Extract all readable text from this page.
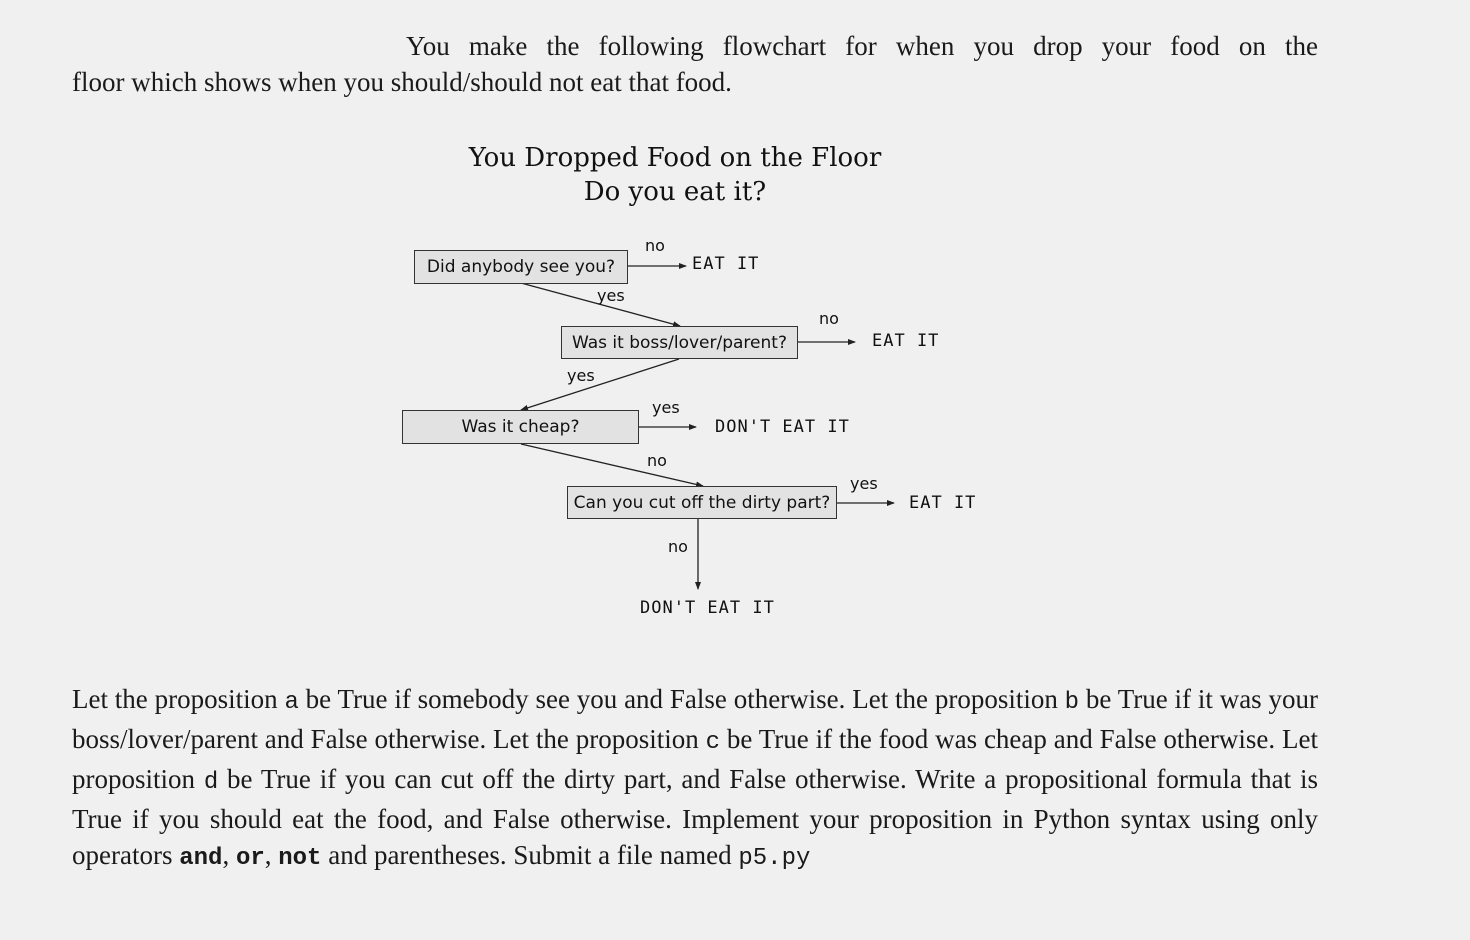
You make the following flowchart for when you drop your food on the
floor which shows when you should/should not eat that food.
You Dropped Food on the Floor
Do you eat it?
Did anybody see you?
Was it boss/lover/parent?
Was it cheap?
Can you cut off the dirty part?
no
yes
no
yes
yes
no
yes
no
EAT IT
EAT IT
DON'T EAT IT
EAT IT
DON'T EAT IT
Let the proposition a be True if somebody see you and False otherwise. Let the proposition b be True if it was your boss/lover/parent and False otherwise. Let the proposition c be True if the food was cheap and False otherwise. Let proposition d be True if you can cut off the dirty part, and False otherwise. Write a propositional formula that is True if you should eat the food, and False otherwise. Implement your proposition in Python syntax using only operators and, or, not and parentheses. Submit a file named p5.py
